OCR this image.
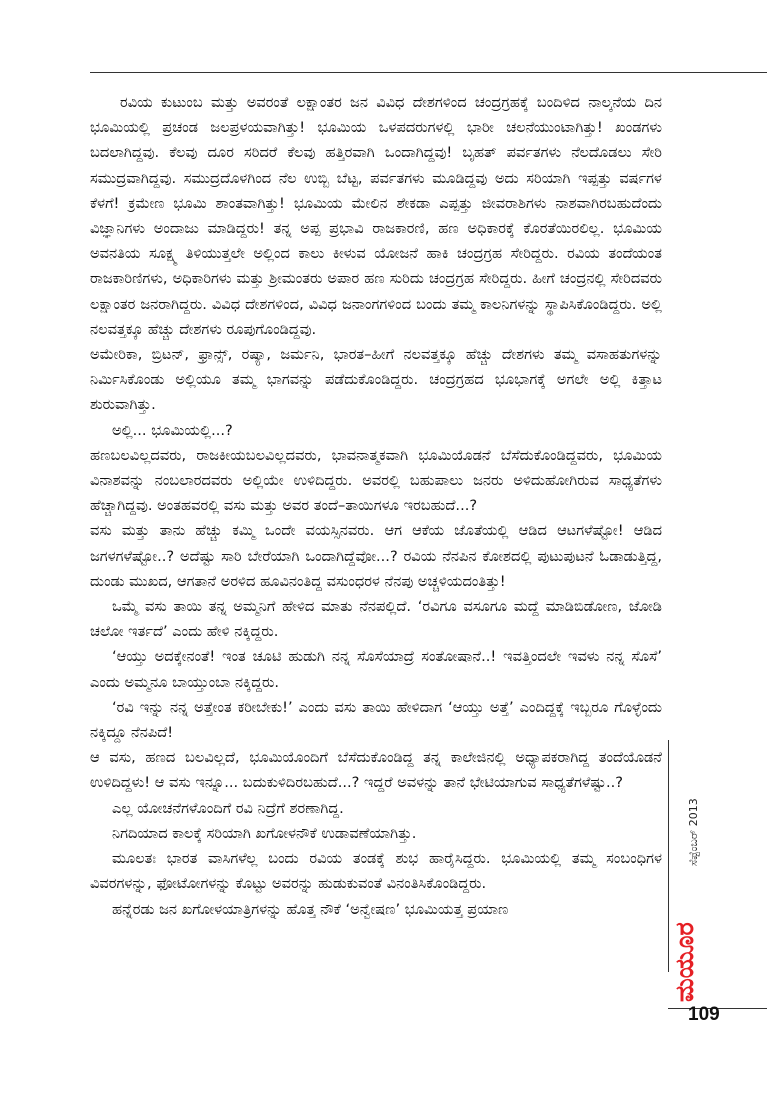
ರವಿಯ ಕುಟುಂಬ ಮತ್ತು ಅವರಂತೆ ಲಕ್ಷಾಂತರ ಜನ ವಿವಿಧ ದೇಶಗಳಿಂದ ಚಂದ್ರಗ್ರಹಕ್ಕೆ ಬಂದಿಳಿದ ನಾಲ್ಕನೆಯ ದಿನ ಭೂಮಿಯಲ್ಲಿ ಪ್ರಚಂಡ ಜಲಪ್ರಳಯವಾಗಿತ್ತು! ಭೂಮಿಯ ಒಳಪದರುಗಳಲ್ಲಿ ಭಾರೀ ಚಲನೆಯುಂಟಾಗಿತ್ತು! ಖಂಡಗಳು ಬದಲಾಗಿದ್ದವು. ಕೆಲವು ದೂರ ಸರಿದರೆ ಕೆಲವು ಹತ್ತಿರವಾಗಿ ಒಂದಾಗಿದ್ದವು! ಬೃಹತ್ ಪರ್ವತಗಳು ನೆಲದೊಡಲು ಸೇರಿ ಸಮುದ್ರವಾಗಿದ್ದವು. ಸಮುದ್ರದೊಳಗಿಂದ ನೆಲ ಉಬ್ಬಿ ಬೆಟ್ಟ, ಪರ್ವತಗಳು ಮೂಡಿದ್ದವು ಅದು ಸರಿಯಾಗಿ ಇಪ್ಪತ್ತು ವರ್ಷಗಳ ಕೆಳಗೆ! ಕ್ರಮೇಣ ಭೂಮಿ ಶಾಂತವಾಗಿತ್ತು! ಭೂಮಿಯ ಮೇಲಿನ ಶೇಕಡಾ ಎಪ್ಪತ್ತು ಜೀವರಾಶಿಗಳು ನಾಶವಾಗಿರಬಹುದೆಂದು ವಿಜ್ಞಾನಿಗಳು ಅಂದಾಜು ಮಾಡಿದ್ದರು! ತನ್ನ ಅಪ್ಪ ಪ್ರಭಾವಿ ರಾಜಕಾರಣಿ, ಹಣ ಅಧಿಕಾರಕ್ಕೆ ಕೊರತೆಯಿರಲಿಲ್ಲ. ಭೂಮಿಯ ಅವನತಿಯ ಸೂಕ್ಷ್ಮ ತಿಳಿಯುತ್ತಲೇ ಅಲ್ಲಿಂದ ಕಾಲು ಕೀಳುವ ಯೋಜನೆ ಹಾಕಿ ಚಂದ್ರಗ್ರಹ ಸೇರಿದ್ದರು. ರವಿಯ ತಂದೆಯಂತ ರಾಜಕಾರಿಣಿಗಳು, ಅಧಿಕಾರಿಗಳು ಮತ್ತು ಶ್ರೀಮಂತರು ಅಪಾರ ಹಣ ಸುರಿದು ಚಂದ್ರಗ್ರಹ ಸೇರಿದ್ದರು. ಹೀಗೆ ಚಂದ್ರನಲ್ಲಿ ಸೇರಿದವರು ಲಕ್ಷಾಂತರ ಜನರಾಗಿದ್ದರು. ವಿವಿಧ ದೇಶಗಳಿಂದ, ವಿವಿಧ ಜನಾಂಗಗಳಿಂದ ಬಂದು ತಮ್ಮ ಕಾಲನಿಗಳನ್ನು ಸ್ಥಾಪಿಸಿಕೊಂಡಿದ್ದರು. ಅಲ್ಲಿ ನಲವತ್ತಕ್ಕೂ ಹೆಚ್ಚು ದೇಶಗಳು ರೂಪುಗೊಂಡಿದ್ದವು.

ಅಮೇರಿಕಾ, ಬ್ರಿಟನ್, ಫ್ರಾನ್ಸ್, ರಷ್ಯಾ, ಜರ್ಮನಿ, ಭಾರತ–ಹೀಗೆ ನಲವತ್ತಕ್ಕೂ ಹೆಚ್ಚು ದೇಶಗಳು ತಮ್ಮ ವಸಾಹತುಗಳನ್ನು ನಿರ್ಮಿಸಿಕೊಂಡು ಅಲ್ಲಿಯೂ ತಮ್ಮ ಭಾಗವನ್ನು ಪಡೆದುಕೊಂಡಿದ್ದರು. ಚಂದ್ರಗ್ರಹದ ಭೂಭಾಗಕ್ಕೆ ಅಗಲೇ ಅಲ್ಲಿ ಕಿತ್ತಾಟ ಶುರುವಾಗಿತ್ತು.

ಅಲ್ಲಿ... ಭೂಮಿಯಲ್ಲಿ...?

ಹಣಬಲವಿಲ್ಲದವರು, ರಾಜಕೀಯಬಲವಿಲ್ಲದವರು, ಭಾವನಾತ್ಮಕವಾಗಿ ಭೂಮಿಯೊಡನೆ ಬೆಸೆದುಕೊಂಡಿದ್ದವರು, ಭೂಮಿಯ ವಿನಾಶವನ್ನು ನಂಬಲಾರದವರು ಅಲ್ಲಿಯೇ ಉಳಿದಿದ್ದರು. ಅವರಲ್ಲಿ ಬಹುಪಾಲು ಜನರು ಅಳಿದುಹೋಗಿರುವ ಸಾಧ್ಯತೆಗಳು ಹೆಚ್ಚಾಗಿದ್ದವು. ಅಂತಹವರಲ್ಲಿ ವಸು ಮತ್ತು ಅವರ ತಂದೆ–ತಾಯಿಗಳೂ ಇರಬಹುದೆ...?

ವಸು ಮತ್ತು ತಾನು ಹೆಚ್ಚು ಕಮ್ಮಿ ಒಂದೇ ವಯಸ್ಸಿನವರು. ಆಗ ಆಕೆಯ ಜೊತೆಯಲ್ಲಿ ಆಡಿದ ಆಟಗಳೆಷ್ಟೋ! ಆಡಿದ ಜಗಳಗಳೆಷ್ಟೋ..? ಅದೆಷ್ಟು ಸಾರಿ ಬೇರೆಯಾಗಿ ಒಂದಾಗಿದ್ದೆವೋ...? ರವಿಯ ನೆನಪಿನ ಕೋಶದಲ್ಲಿ ಪುಟುಪುಟನೆ ಓಡಾಡುತ್ತಿದ್ದ, ದುಂಡು ಮುಖದ, ಆಗತಾನೆ ಅರಳಿದ ಹೂವಿನಂತಿದ್ದ ವಸುಂಧರಳ ನೆನಪು ಅಚ್ಚಳಿಯದಂತಿತ್ತು!

ಒಮ್ಮೆ ವಸು ತಾಯಿ ತನ್ನ ಅಮ್ಮನಿಗೆ ಹೇಳಿದ ಮಾತು ನೆನಪಲ್ಲಿದೆ. ‘ರವಿಗೂ ವಸೂಗೂ ಮದ್ದೆ ಮಾಡಿಬಿಡೋಣ, ಜೋಡಿ ಚಲೋ ಇರ್ತದೆ’ ಎಂದು ಹೇಳಿ ನಕ್ಕಿದ್ದರು.

‘ಆಯ್ತು ಅದಕ್ಕೇನಂತೆ! ಇಂತ ಚೂಟಿ ಹುಡುಗಿ ನನ್ನ ಸೊಸೆಯಾದ್ರೆ ಸಂತೋಷಾನೆ..! ಇವತ್ತಿಂದಲೇ ಇವಳು ನನ್ನ ಸೊಸೆ’ ಎಂದು ಅಮ್ಮನೂ ಬಾಯ್ತುಂಬಾ ನಕ್ಕಿದ್ದರು.

‘ರವಿ ಇನ್ನು ನನ್ನ ಅತ್ತೇಂತ ಕರೀಬೇಕು!’ ಎಂದು ವಸು ತಾಯಿ ಹೇಳಿದಾಗ ‘ಆಯ್ತು ಅತ್ತೆ’ ಎಂದಿದ್ದಕ್ಕೆ ಇಬ್ಬರೂ ಗೊಳ್ಳೆಂದು ನಕ್ಕಿದ್ದೂ ನೆನಪಿದೆ!

ಆ ವಸು, ಹಣದ ಬಲವಿಲ್ಲದೆ, ಭೂಮಿಯೊಂದಿಗೆ ಬೆಸೆದುಕೊಂಡಿದ್ದ ತನ್ನ ಕಾಲೇಜಿನಲ್ಲಿ ಅಧ್ಯಾಪಕರಾಗಿದ್ದ ತಂದೆಯೊಡನೆ ಉಳಿದಿದ್ದಳು! ಆ ವಸು ಇನ್ನೂ... ಬದುಕುಳಿದಿರಬಹುದೆ...? ಇದ್ದರೆ ಅವಳನ್ನು ತಾನೆ ಭೇಟಿಯಾಗುವ ಸಾಧ್ಯತೆಗಳೆಷ್ಟು..?

ಎಲ್ಲ ಯೋಚನೆಗಳೊಂದಿಗೆ ರವಿ ನಿದ್ರೆಗೆ ಶರಣಾಗಿದ್ದ.

ನಿಗದಿಯಾದ ಕಾಲಕ್ಕೆ ಸರಿಯಾಗಿ ಖಗೋಳನೌಕೆ ಉಡಾವಣೆಯಾಗಿತ್ತು.

ಮೂಲತಃ ಭಾರತ ವಾಸಿಗಳೆಲ್ಲ ಬಂದು ರವಿಯ ತಂಡಕ್ಕೆ ಶುಭ ಹಾರೈಸಿದ್ದರು. ಭೂಮಿಯಲ್ಲಿ ತಮ್ಮ ಸಂಬಂಧಿಗಳ ವಿವರಗಳನ್ನು, ಫೋಟೋಗಳನ್ನು ಕೊಟ್ಟು ಅವರನ್ನು ಹುಡುಕುವಂತೆ ವಿನಂತಿಸಿಕೊಂಡಿದ್ದರು.

ಹನ್ನೆರಡು ಜನ ಖಗೋಳಯಾತ್ರಿಗಳನ್ನು ಹೊತ್ತ ನೌಕೆ ‘ಅನ್ವೇಷಣ’ ಭೂಮಿಯತ್ತ ಪ್ರಯಾಣ

ಸೆಪ್ಟೆಂಬರ್ 2013
ಮಯೂರ
109
